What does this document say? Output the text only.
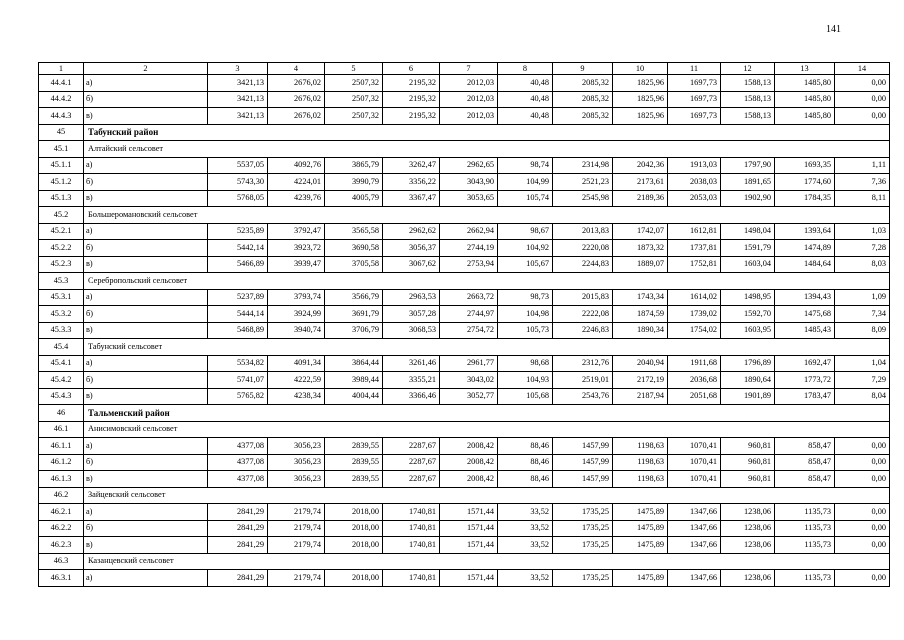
141
1	2	3	4	5	6	7	8	9	10	11	12	13	14
44.4.1	а)	3421,13	2676,02	2507,32	2195,32	2012,03	40,48	2085,32	1825,96	1697,73	1588,13	1485,80	0,00
44.4.2	б)	3421,13	2676,02	2507,32	2195,32	2012,03	40,48	2085,32	1825,96	1697,73	1588,13	1485,80	0,00
44.4.3	в)	3421,13	2676,02	2507,32	2195,32	2012,03	40,48	2085,32	1825,96	1697,73	1588,13	1485,80	0,00
45	Табунский район												
45.1	Алтайский сельсовет												
45.1.1	а)	5537,05	4092,76	3865,79	3262,47	2962,65	98,74	2314,98	2042,36	1913,03	1797,90	1693,35	1,11
45.1.2	б)	5743,30	4224,01	3990,79	3356,22	3043,90	104,99	2521,23	2173,61	2038,03	1891,65	1774,60	7,36
45.1.3	в)	5768,05	4239,76	4005,79	3367,47	3053,65	105,74	2545,98	2189,36	2053,03	1902,90	1784,35	8,11
45.2	Большеромановский сельсовет												
45.2.1	а)	5235,89	3792,47	3565,58	2962,62	2662,94	98,67	2013,83	1742,07	1612,81	1498,04	1393,64	1,03
45.2.2	б)	5442,14	3923,72	3690,58	3056,37	2744,19	104,92	2220,08	1873,32	1737,81	1591,79	1474,89	7,28
45.2.3	в)	5466,89	3939,47	3705,58	3067,62	2753,94	105,67	2244,83	1889,07	1752,81	1603,04	1484,64	8,03
45.3	Серебропольский сельсовет												
45.3.1	а)	5237,89	3793,74	3566,79	2963,53	2663,72	98,73	2015,83	1743,34	1614,02	1498,95	1394,43	1,09
45.3.2	б)	5444,14	3924,99	3691,79	3057,28	2744,97	104,98	2222,08	1874,59	1739,02	1592,70	1475,68	7,34
45.3.3	в)	5468,89	3940,74	3706,79	3068,53	2754,72	105,73	2246,83	1890,34	1754,02	1603,95	1485,43	8,09
45.4	Табунский сельсовет												
45.4.1	а)	5534,82	4091,34	3864,44	3261,46	2961,77	98,68	2312,76	2040,94	1911,68	1796,89	1692,47	1,04
45.4.2	б)	5741,07	4222,59	3989,44	3355,21	3043,02	104,93	2519,01	2172,19	2036,68	1890,64	1773,72	7,29
45.4.3	в)	5765,82	4238,34	4004,44	3366,46	3052,77	105,68	2543,76	2187,94	2051,68	1901,89	1783,47	8,04
46	Тальменский район												
46.1	Анисимовский сельсовет												
46.1.1	а)	4377,08	3056,23	2839,55	2287,67	2008,42	88,46	1457,99	1198,63	1070,41	960,81	858,47	0,00
46.1.2	б)	4377,08	3056,23	2839,55	2287,67	2008,42	88,46	1457,99	1198,63	1070,41	960,81	858,47	0,00
46.1.3	в)	4377,08	3056,23	2839,55	2287,67	2008,42	88,46	1457,99	1198,63	1070,41	960,81	858,47	0,00
46.2	Зайцевский сельсовет												
46.2.1	а)	2841,29	2179,74	2018,00	1740,81	1571,44	33,52	1735,25	1475,89	1347,66	1238,06	1135,73	0,00
46.2.2	б)	2841,29	2179,74	2018,00	1740,81	1571,44	33,52	1735,25	1475,89	1347,66	1238,06	1135,73	0,00
46.2.3	в)	2841,29	2179,74	2018,00	1740,81	1571,44	33,52	1735,25	1475,89	1347,66	1238,06	1135,73	0,00
46.3	Казанцевский сельсовет												
46.3.1	а)	2841,29	2179,74	2018,00	1740,81	1571,44	33,52	1735,25	1475,89	1347,66	1238,06	1135,73	0,00
